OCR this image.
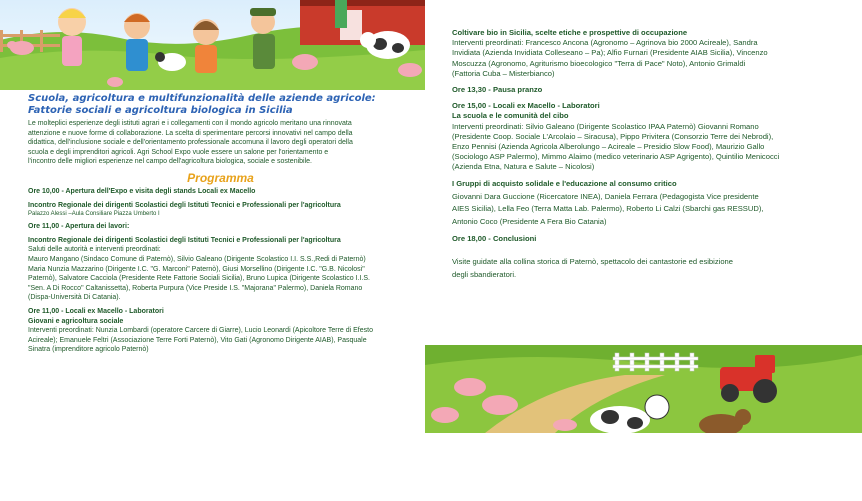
Scuola, agricoltura e multifunzionalità delle aziende agricole:
Fattorie sociali e agricoltura biologica in Sicilia

Le molteplici esperienze degli istituti agrari e i collegamenti con il mondo agricolo meritano una rinnovata
attenzione e nuove forme di collaborazione. La scelta di sperimentare percorsi innovativi nel campo della
didattica, dell'inclusione sociale e dell'orientamento professionale accomuna il lavoro degli operatori della
scuola e degli imprenditori agricoli. Agri School Expo vuole essere un salone per l'orientamento e
l'incontro delle migliori esperienze nel campo dell'agricoltura biologica, sociale e sostenibile.

Programma

Ore 10,00 - Apertura dell'Expo e visita degli stands Locali ex Macello

Incontro Regionale dei dirigenti Scolastici degli Istituti Tecnici e Professionali per l'agricoltura

Palazzo Alessi –Aula Consiliare Piazza Umberto I

Ore 11,00 - Apertura dei lavori:

Incontro Regionale dei dirigenti Scolastici degli Istituti Tecnici e Professionali per l'agricoltura

Saluti delle autorità e interventi preordinati:
Mauro Mangano (Sindaco Comune di Paternò), Silvio Galeano (Dirigente Scolastico I.I. S.S.,Redi di Paternò)
Maria Nunzia Mazzarino (Dirigente I.C. "G. Marconi" Paternò), Giusi Morsellino (Dirigente I.C. "G.B. Nicolosi"
Paternò), Salvatore Cacciola (Presidente Rete Fattorie Sociali Sicilia), Bruno Lupica (Dirigente Scolastico I.I.S.
"Sen. A Di Rocco" Caltanissetta), Roberta Purpura (Vice Preside I.S. "Majorana" Palermo), Daniela Romano
(Dispa-Università Di Catania).

Ore 11,00 - Locali ex Macello - Laboratori

Giovani e agricoltura sociale

Interventi preordinati: Nunzia Lombardi (operatore Carcere di Giarre), Lucio Leonardi (Apicoltore Terre di Efesto
Acireale); Emanuele Feltri (Associazione Terre Forti Paternò), Vito Gati (Agronomo Dirigente AIAB), Pasquale
Sinatra (imprenditore agricolo Paternò)

Coltivare bio in Sicilia, scelte etiche e prospettive di occupazione

Interventi preordinati: Francesco Ancona (Agronomo – Agrinova bio 2000 Acireale), Sandra
Invidiata (Azienda Invidiata Colleseano – Pa); Alfio Furnari (Presidente AIAB Sicilia), Vincenzo
Moscuzza (Agronomo, Agriturismo bioecologico "Terra di Pace" Noto), Antonio Grimaldi
(Fattoria Cuba – Misterbianco)

Ore 13,30 - Pausa pranzo

Ore 15,00 - Locali ex Macello - Laboratori

La scuola e le comunità del cibo

Interventi preordinati: Silvio Galeano (Dirigente Scolastico IPAA Paternò) Giovanni Romano
(Presidente Coop. Sociale L'Arcolaio – Siracusa), Pippo Privitera (Consorzio Terre dei Nebrodi),
Enzo Pennisi (Azienda Agricola Alberolungo – Acireale – Presidio Slow Food), Maurizio Gallo
(Sociologo ASP Palermo), Mimmo Alaimo (medico veterinario ASP Agrigento), Quintilio Menicocci
(Azienda Etna, Natura e Salute – Nicolosi)

I Gruppi di acquisto solidale e l'educazione al consumo critico

Giovanni Dara Guccione (Ricercatore INEA), Daniela Ferrara (Pedagogista Vice presidente
AIES Sicilia), Lella Feo (Terra Matta Lab. Palermo), Roberto Li Calzi (Sbarchi gas RESSUD),
Antonio Coco (Presidente A Fera Bio Catania)

Ore 18,00 - Conclusioni

Visite guidate alla collina storica di Paternò, spettacolo dei cantastorie ed esibizione
degli sbandieratori.
